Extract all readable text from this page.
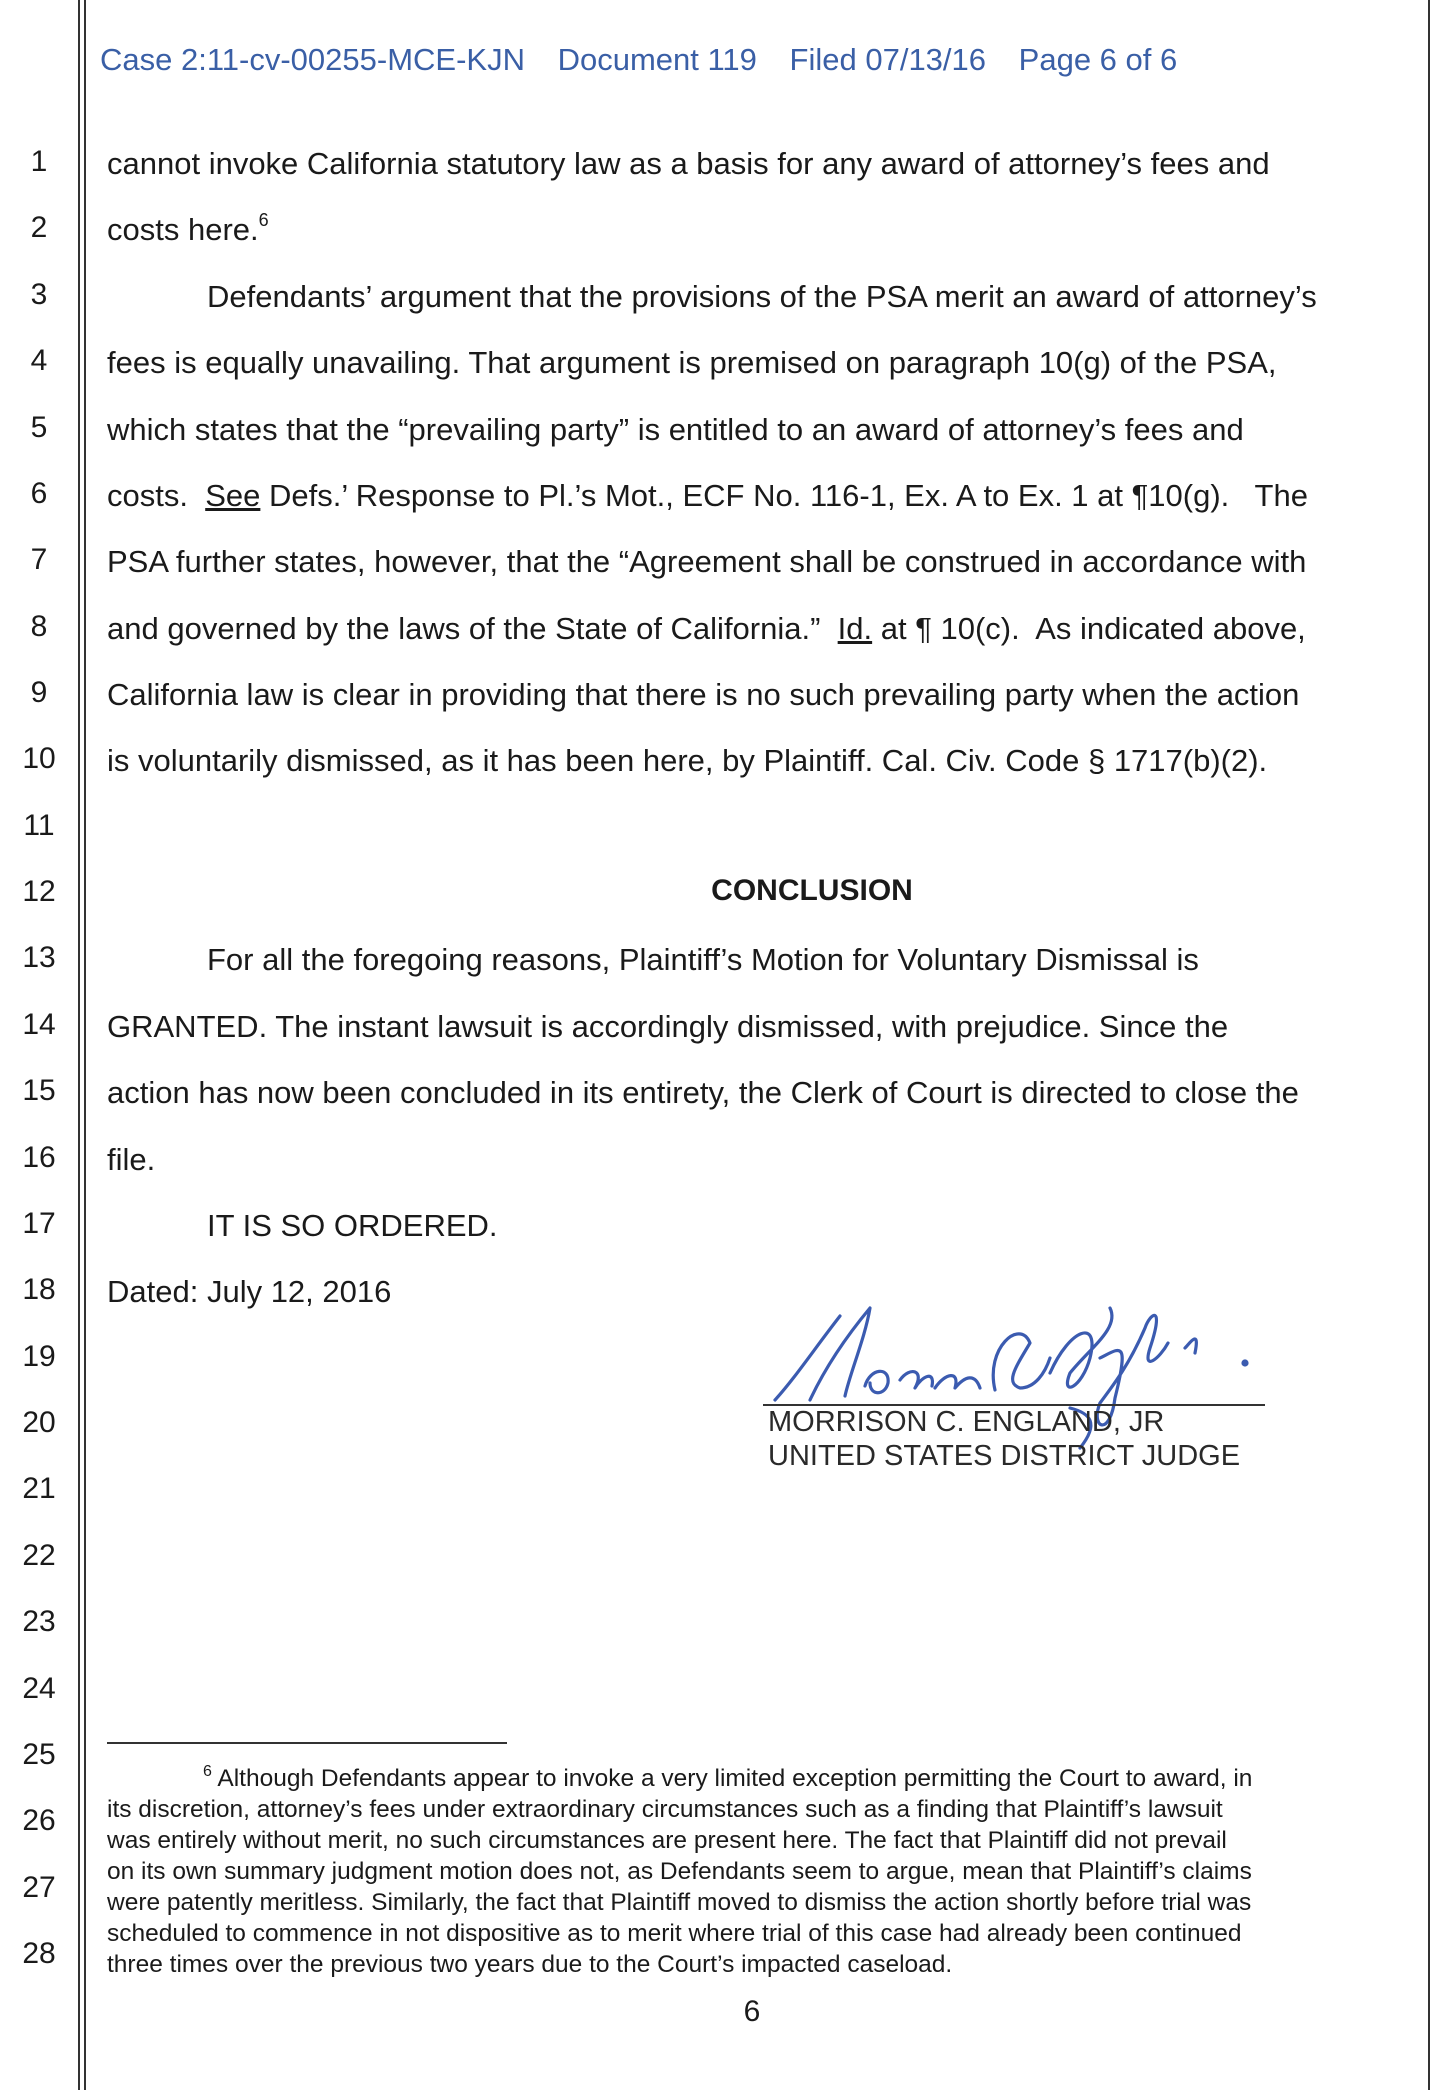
Case 2:11-cv-00255-MCE-KJN Document 119 Filed 07/13/16 Page 6 of 6
1
2
3
4
5
6
7
8
9
10
11
12
13
14
15
16
17
18
19
20
21
22
23
24
25
26
27
28
cannot invoke California statutory law as a basis for any award of attorney’s fees and
costs here.$^6$
Defendants’ argument that the provisions of the PSA merit an award of attorney’s
fees is equally unavailing. That argument is premised on paragraph 10(g) of the PSA,
which states that the “prevailing party” is entitled to an award of attorney’s fees and
costs.  See Defs.’ Response to Pl.’s Mot., ECF No. 116-1, Ex. A to Ex. 1 at ¶10(g).   The
PSA further states, however, that the “Agreement shall be construed in accordance with
and governed by the laws of the State of California.”  Id. at ¶ 10(c).  As indicated above,
California law is clear in providing that there is no such prevailing party when the action
is voluntarily dismissed, as it has been here, by Plaintiff. Cal. Civ. Code § 1717(b)(2).
CONCLUSION
For all the foregoing reasons, Plaintiff’s Motion for Voluntary Dismissal is
GRANTED. The instant lawsuit is accordingly dismissed, with prejudice. Since the
action has now been concluded in its entirety, the Clerk of Court is directed to close the
file.
IT IS SO ORDERED.
Dated: July 12, 2016
MORRISON C. ENGLAND, JR
UNITED STATES DISTRICT JUDGE
$^6$ Although Defendants appear to invoke a very limited exception permitting the Court to award, in
its discretion, attorney’s fees under extraordinary circumstances such as a finding that Plaintiff’s lawsuit
was entirely without merit, no such circumstances are present here. The fact that Plaintiff did not prevail
on its own summary judgment motion does not, as Defendants seem to argue, mean that Plaintiff’s claims
were patently meritless. Similarly, the fact that Plaintiff moved to dismiss the action shortly before trial was
scheduled to commence in not dispositive as to merit where trial of this case had already been continued
three times over the previous two years due to the Court’s impacted caseload.
6
